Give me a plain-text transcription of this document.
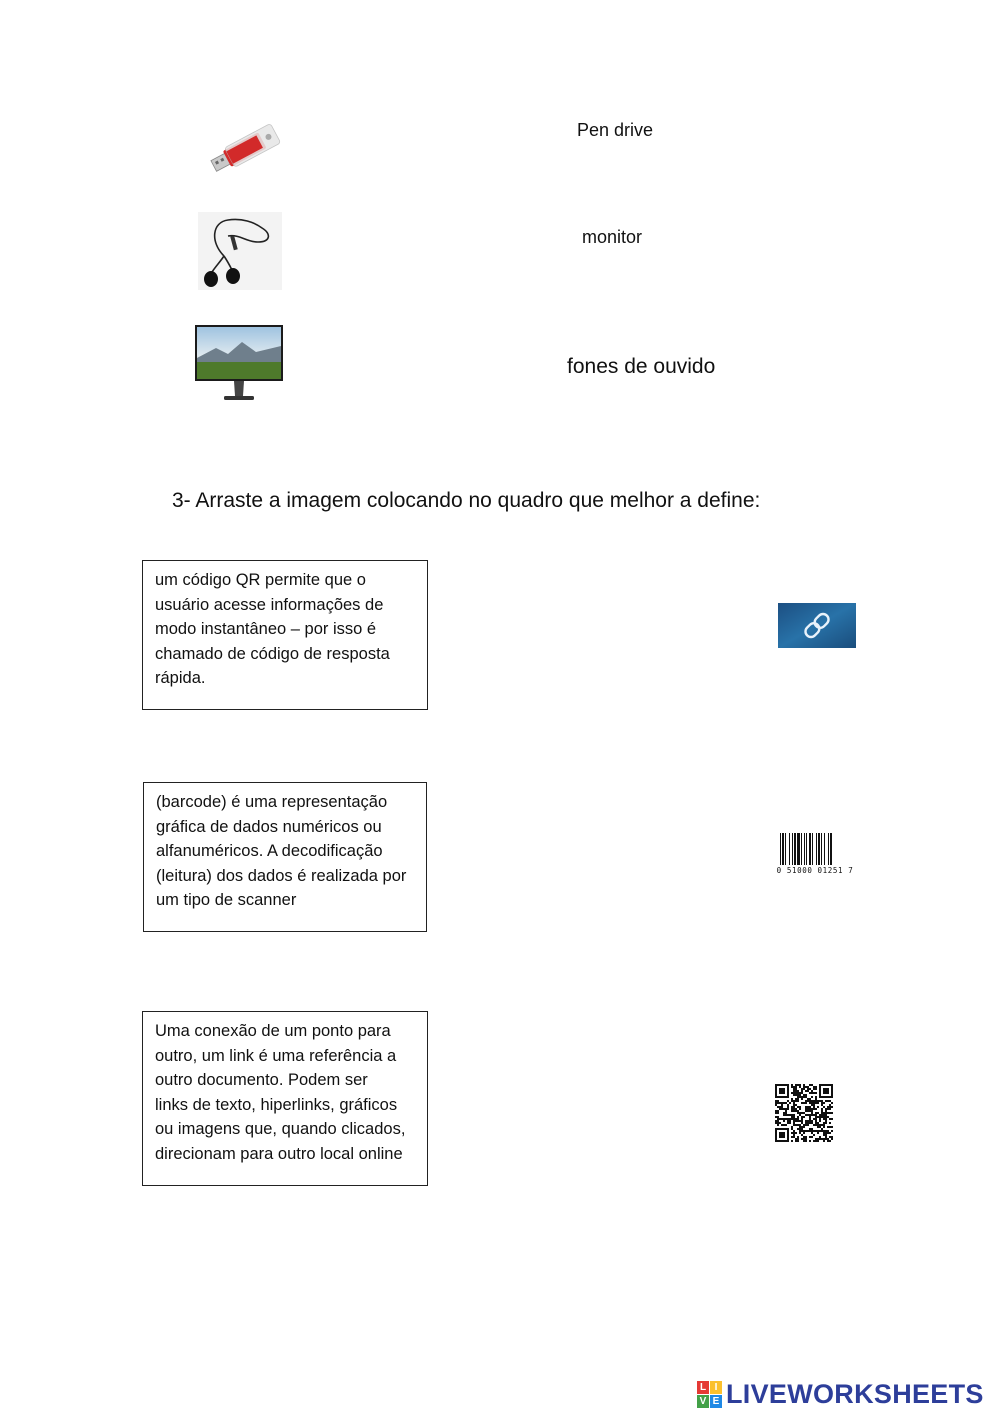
Pen drive
monitor
fones de ouvido
3- Arraste a imagem colocando no quadro que melhor a define:
um código QR permite que o
usuário acesse informações de
modo instantâneo – por isso é
chamado de código de resposta
rápida.
(barcode) é uma representação
gráfica de dados numéricos ou
alfanuméricos. A decodificação
(leitura) dos dados é realizada por
um tipo de scanner
Uma conexão de um ponto para
outro, um link é uma referência a
outro documento. Podem ser
links de texto, hiperlinks, gráficos
ou imagens que, quando clicados,
direcionam para outro local online
0 51000 01251 7
L I
V E LIVEWORKSHEETS
